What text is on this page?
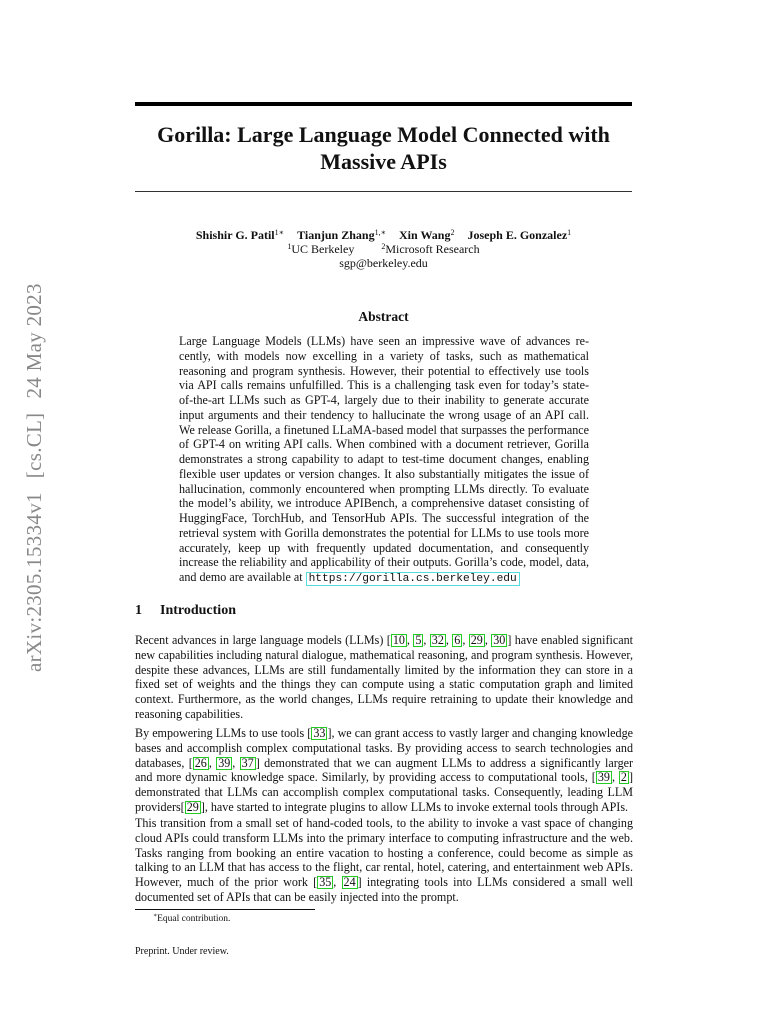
arXiv:2305.15334v1[cs.CL]24 May 2023
Gorilla: Large Language Model Connected with
Massive APIs
Shishir G. Patil$^{1∗}$ Tianjun Zhang$^{1,∗}$ Xin Wang$^2$ Joseph E. Gonzalez$^1$
$^1$UC Berkeley	$^2$Microsoft Research
sgp@berkeley.edu
Abstract
Large Language Models (LLMs) have seen an impressive wave of advances recently, with models now excelling in a variety of tasks, such as mathematical reasoning and program synthesis. However, their potential to effectively use tools via API calls remains unfulfilled. This is a challenging task even for today’s state-of-the-art LLMs such as GPT-4, largely due to their inability to generate accurate input arguments and their tendency to hallucinate the wrong usage of an API call. We release Gorilla, a finetuned LLaMA-based model that surpasses the performance of GPT-4 on writing API calls. When combined with a document retriever, Gorilla demonstrates a strong capability to adapt to test-time document changes, enabling flexible user updates or version changes. It also substantially mitigates the issue of hallucination, commonly encountered when prompting LLMs directly. To evaluate the model’s ability, we introduce APIBench, a comprehensive dataset consisting of HuggingFace, TorchHub, and TensorHub APIs. The successful integration of the retrieval system with Gorilla demonstrates the potential for LLMs to use tools more accurately, keep up with frequently updated documentation, and consequently increase the reliability and applicability of their outputs. Gorilla’s code, model, data, and demo are available at https://gorilla.cs.berkeley.edu
1 Introduction
Recent advances in large language models (LLMs) [ 10 , 5 , 32 , 6 , 29 , 30 ] have enabled significant new capabilities including natural dialogue, mathematical reasoning, and program synthesis. However, despite these advances, LLMs are still fundamentally limited by the information they can store in a fixed set of weights and the things they can compute using a static computation graph and limited context. Furthermore, as the world changes, LLMs require retraining to update their knowledge and reasoning capabilities.
By empowering LLMs to use tools [ 33 ], we can grant access to vastly larger and changing knowledge bases and accomplish complex computational tasks. By providing access to search technologies and databases, [ 26 , 39 , 37 ] demonstrated that we can augment LLMs to address a significantly larger and more dynamic knowledge space. Similarly, by providing access to computational tools, [ 39 , 2 ] demonstrated that LLMs can accomplish complex computational tasks. Consequently, leading LLM providers[ 29 ], have started to integrate plugins to allow LLMs to invoke external tools through APIs.
This transition from a small set of hand-coded tools, to the ability to invoke a vast space of changing cloud APIs could transform LLMs into the primary interface to computing infrastructure and the web. Tasks ranging from booking an entire vacation to hosting a conference, could become as simple as talking to an LLM that has access to the flight, car rental, hotel, catering, and entertainment web APIs. However, much of the prior work [ 35 , 24 ] integrating tools into LLMs considered a small well documented set of APIs that can be easily injected into the prompt.
∗Equal contribution.
Preprint. Under review.
